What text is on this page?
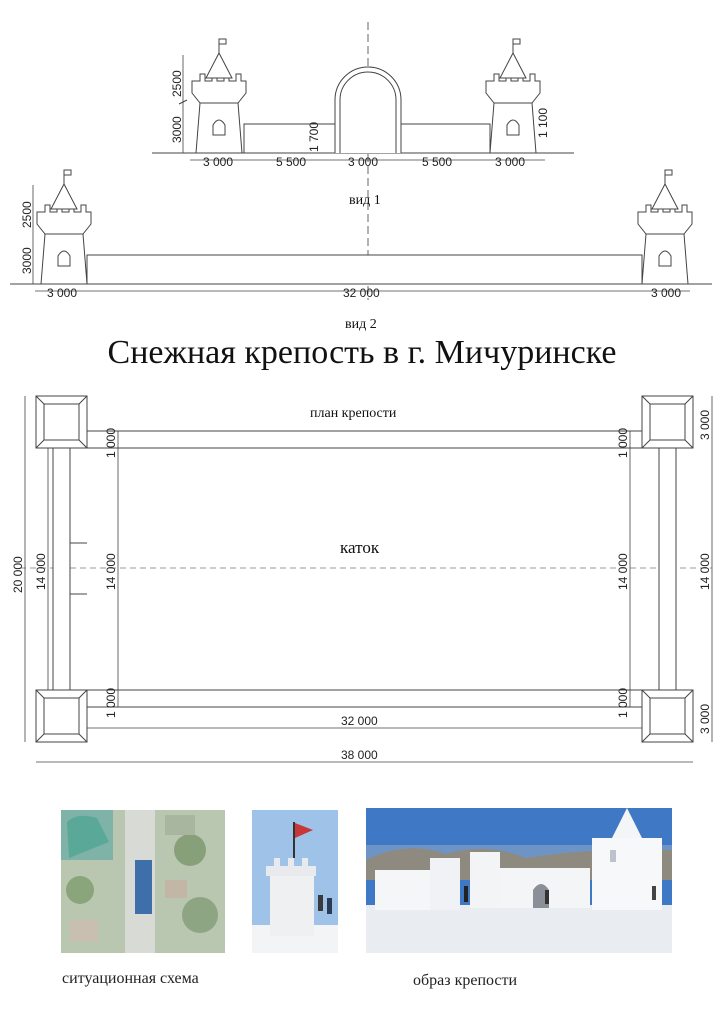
2500
3000	1 700	1 100
3 000	5 500	3 000	5 500	3 000
вид 1
2500
3000
3 000	32 000	3 000
вид 2
план крепости
каток
1 000	1 000
14 000	14 000
1 000	1 000
20 000 14 000
3 000
14 000
3 000
32 000
38 000
Снежная крепость в г. Мичуринске
ситуационная схема	образ крепости
